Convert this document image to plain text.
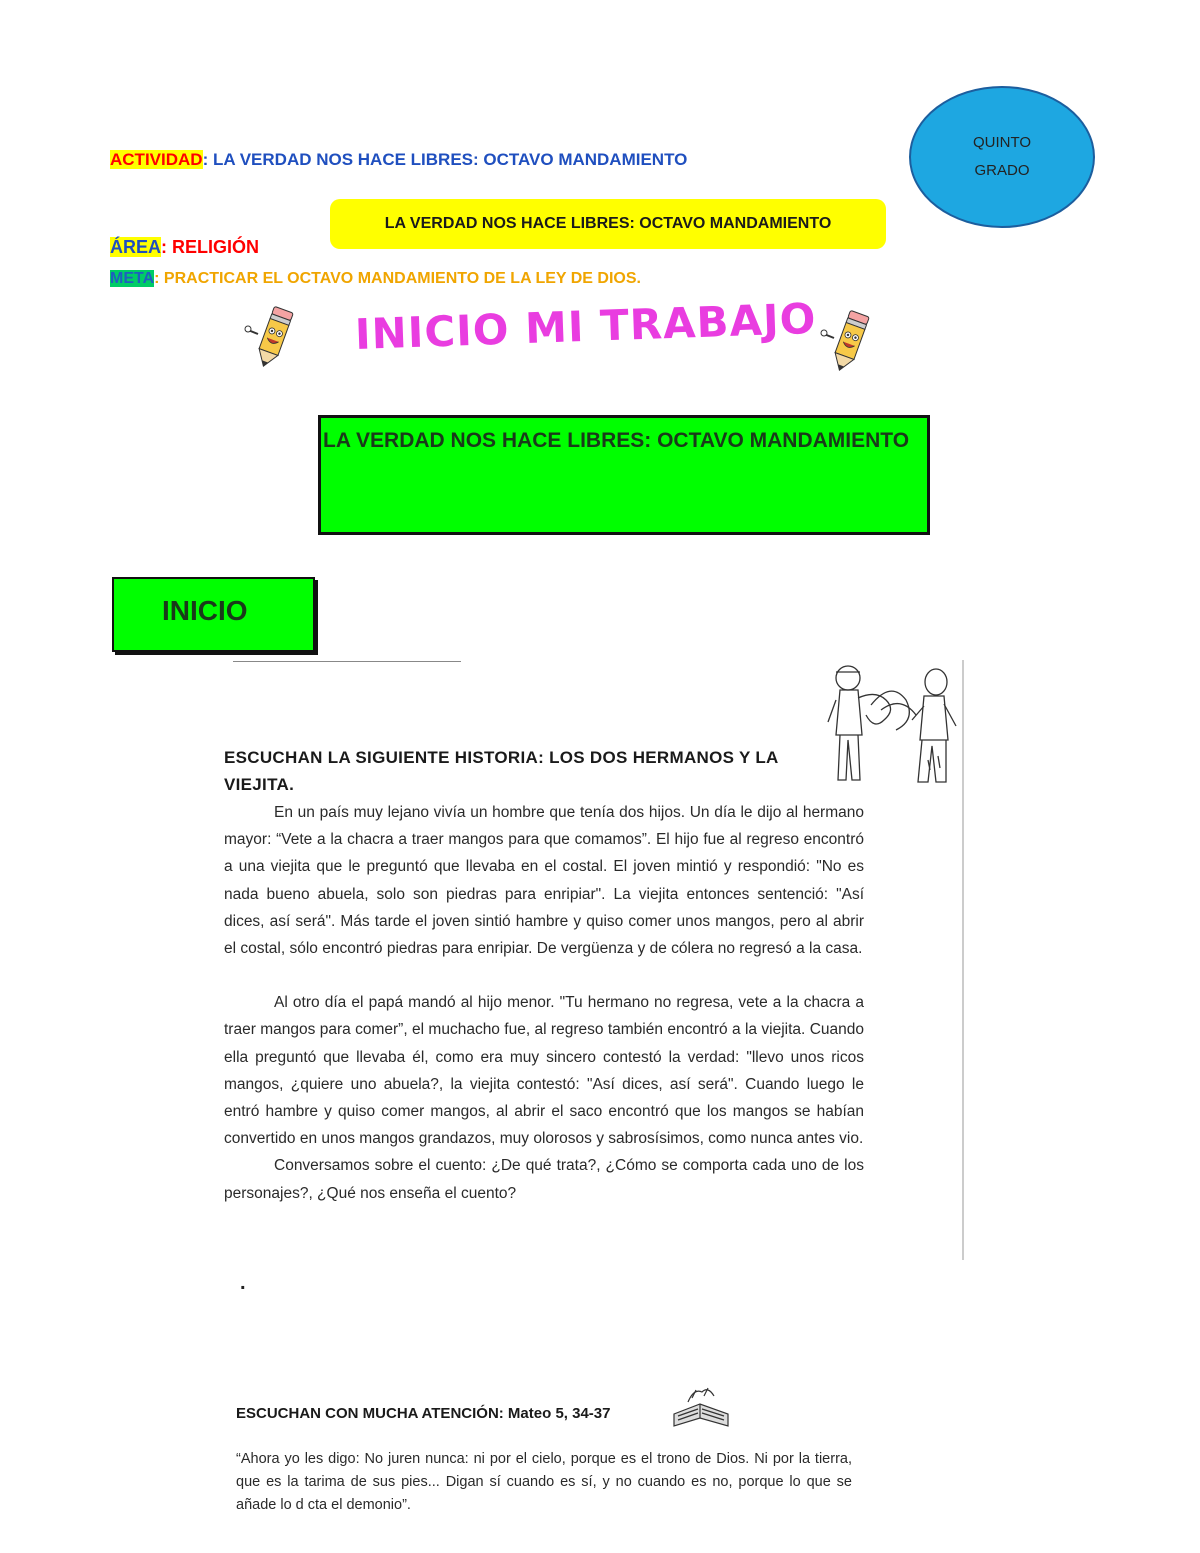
ACTIVIDAD: LA VERDAD NOS HACE LIBRES: OCTAVO MANDAMIENTO
QUINTO
GRADO
LA VERDAD NOS HACE LIBRES: OCTAVO MANDAMIENTO
ÁREA: RELIGIÓN
META: PRACTICAR EL OCTAVO MANDAMIENTO DE LA LEY DE DIOS.
INICIO MI TRABAJO
LA VERDAD NOS HACE LIBRES: OCTAVO MANDAMIENTO
INICIO
ESCUCHAN LA SIGUIENTE HISTORIA: LOS DOS HERMANOS Y LA VIEJITA.

En un país muy lejano vivía un hombre que tenía dos hijos. Un día le dijo al hermano mayor: “Vete a la chacra a traer mangos para que comamos”. El hijo fue al regreso encontró a una viejita que le preguntó que llevaba en el costal. El joven mintió y respondió: "No es nada bueno abuela, solo son piedras para enripiar". La viejita entonces sentenció: "Así dices, así será". Más tarde el joven sintió hambre y quiso comer unos mangos, pero al abrir el costal, sólo encontró piedras para enripiar. De vergüenza y de cólera no regresó a la casa.

Al otro día el papá mandó al hijo menor. "Tu hermano no regresa, vete a la chacra a traer mangos para comer”, el muchacho fue, al regreso también encontró a la viejita. Cuando ella preguntó que llevaba él, como era muy sincero contestó la verdad: "llevo unos ricos mangos, ¿quiere uno abuela?, la viejita contestó: "Así dices, así será". Cuando luego le entró hambre y quiso comer mangos, al abrir el saco encontró que los mangos se habían convertido en unos mangos grandazos, muy olorosos y sabrosísimos, como nunca antes vio.

Conversamos sobre el cuento: ¿De qué trata?, ¿Cómo se comporta cada uno de los personajes?, ¿Qué nos enseña el cuento?

.
ESCUCHAN CON MUCHA ATENCIÓN: Mateo 5, 34-37
“Ahora yo les digo: No juren nunca: ni por el cielo, porque es el trono de Dios. Ni por la tierra, que es la tarima de sus pies... Digan sí cuando es sí, y no cuando es no, porque lo que se añade lo d cta el demonio”.
